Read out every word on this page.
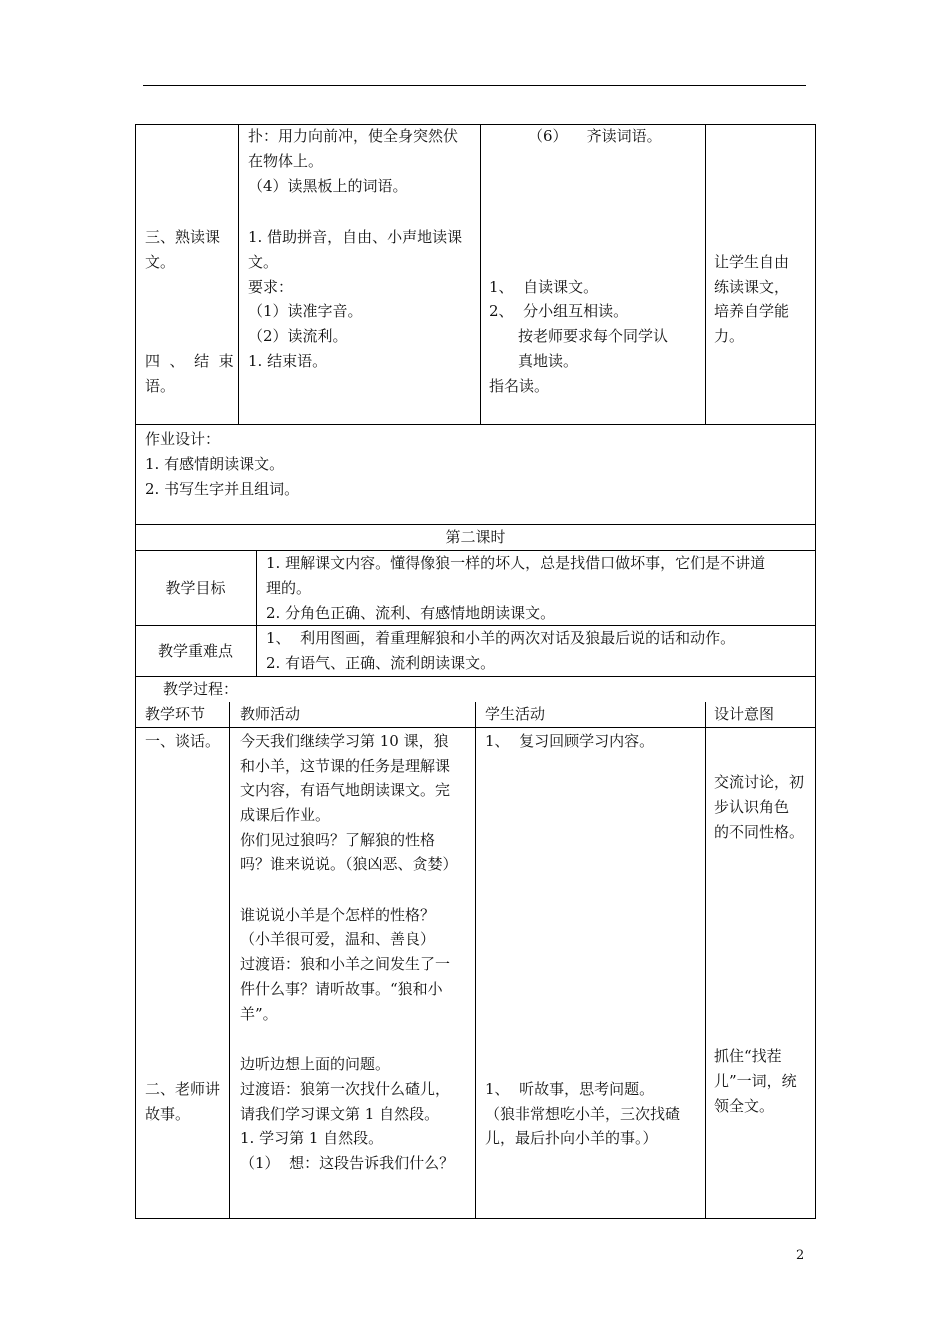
三、熟读课
文。
四  、  结  束
语。
扑：用力向前冲，使全身突然伏
在物体上。
（4）读黑板上的词语。
1. 借助拼音，自由、小声地读课
文。
要求：
（1）读准字音。
（2）读流利。
1. 结束语。
（6）    齐读词语。
1、  自读课文。
2、  分小组互相读。
按老师要求每个同学认
真地读。
指名读。
让学生自由
练读课文，
培养自学能
力。
作业设计：
1. 有感情朗读课文。
2. 书写生字并且组词。
第二课时
教学目标
1. 理解课文内容。懂得像狼一样的坏人，总是找借口做坏事，它们是不讲道
理的。
2. 分角色正确、流利、有感情地朗读课文。
教学重难点
1、  利用图画，着重理解狼和小羊的两次对话及狼最后说的话和动作。
2. 有语气、正确、流利朗读课文。
教学过程：
教学环节 教师活动	学生活动	设计意图
一、谈话。
二、老师讲
故事。
今天我们继续学习第 10 课，狼
和小羊，这节课的任务是理解课
文内容，有语气地朗读课文。完
成课后作业。
你们见过狼吗？了解狼的性格
吗？谁来说说。（狼凶恶、贪婪）
谁说说小羊是个怎样的性格？
（小羊很可爱，温和、善良）
过渡语：狼和小羊之间发生了一
件什么事？请听故事。“狼和小
羊”。
边听边想上面的问题。
过渡语：狼第一次找什么碴儿，
请我们学习课文第 1 自然段。
1. 学习第 1 自然段。
（1）  想：这段告诉我们什么？
1、  复习回顾学习内容。
1、  听故事，思考问题。
（狼非常想吃小羊，三次找碴
儿，最后扑向小羊的事。）
交流讨论，初
步认识角色
的不同性格。
抓住“找茬
儿”一词，统
领全文。
2
